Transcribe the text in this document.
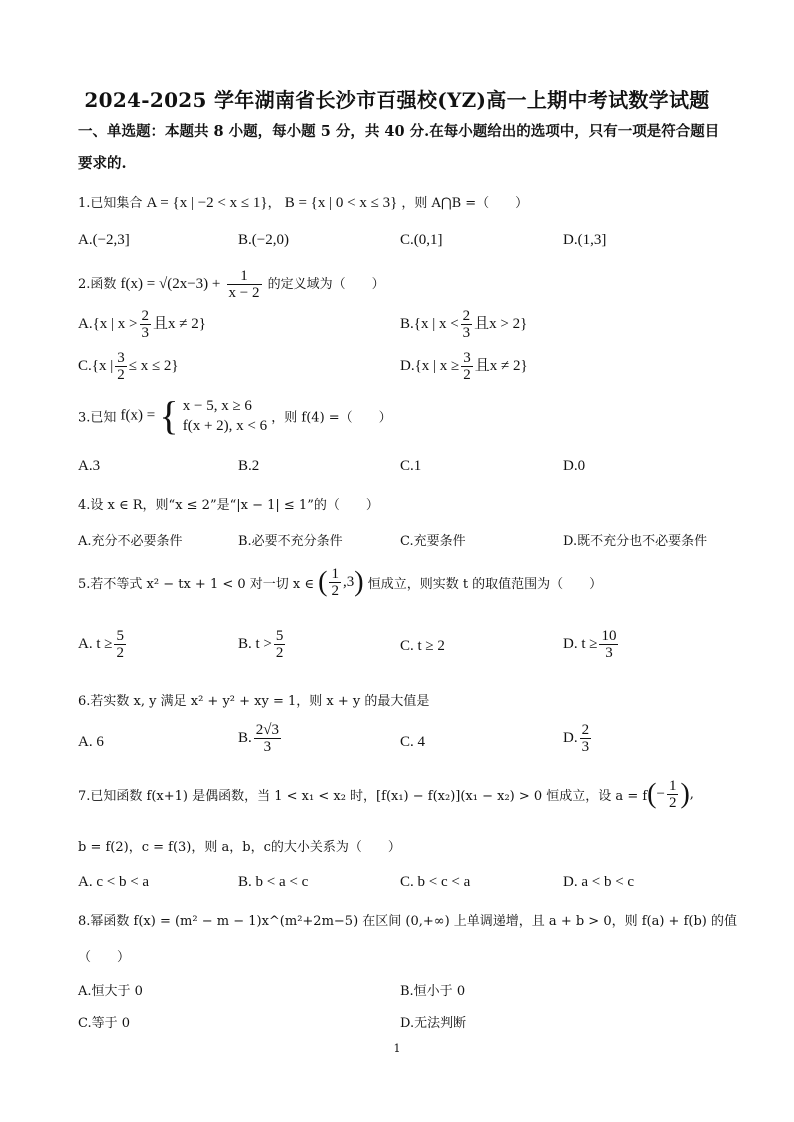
2024-2025 学年湖南省长沙市百强校(YZ)高一上期中考试数学试题
一、单选题：本题共 8 小题，每小题 5 分，共 40 分.在每小题给出的选项中，只有一项是符合题目要求的.
1.已知集合 A = {x | −2 < x ≤ 1}， B = {x | 0 < x ≤ 3} ，则 A⋂B =（　　）
A.(−2,3]	B.(−2,0)	C.(0,1]	D.(1,3]
2.函数 $f(x) = √(2x-3) + \frac{1}{x - 2}$ 的定义域为（　　）
A.{x | $x > \frac{2}{3}$ 且x ≠ 2}	B.{x | $x < \frac{2}{3}$ 且x > 2}
C.{x | $\frac{3}{2} \le x \le 2$}	D.{x | $x \ge \frac{3}{2}$ 且x ≠ 2}
3.已知 f(x) = { x − 5, x ≥ 6
f(x + 2), x < 6 ，则 f(4) =（　　）
A.3	B.2	C.1	D.0
4.设 x ∈ R，则“x ≤ 2”是“|x − 1| ≤ 1”的（　　）
A.充分不必要条件	B.必要不充分条件	C.充要条件	D.既不充分也不必要条件
5.若不等式 x² − tx + 1 < 0 对一切 x ∈ ( $\frac{1}{2} ,3$) 恒成立，则实数 t 的取值范围为（　　）
A. $t \ge \frac{5}{2}$	B. $t > \frac{5}{2}$	C. t ≥ 2	D. $t \ge \frac{10}{3}$
6.若实数 x, y 满足 x² + y² + xy = 1，则 x + y 的最大值是
A. 6	B. $\frac{2√3}{3}$	C. 4	D. $\frac{2}{3}$
7.已知函数 f(x+1) 是偶函数，当 1 < x₁ < x₂ 时，[f(x₁) − f(x₂)](x₁ − x₂) > 0 恒成立，设 $a = f(- \frac{1}{2}$ ),
b = f(2)，c = f(3)，则 a，b，c的大小关系为（　　）
A. c < b < a	B. b < a < c	C. b < c < a	D. a < b < c
8.幂函数 f(x) = (m² − m − 1)x^(m²+2m−5) 在区间 (0,+∞) 上单调递增，且 a + b > 0，则 f(a) + f(b) 的值
（　　）
A.恒大于 0	B.恒小于 0
C.等于 0	D.无法判断
1
